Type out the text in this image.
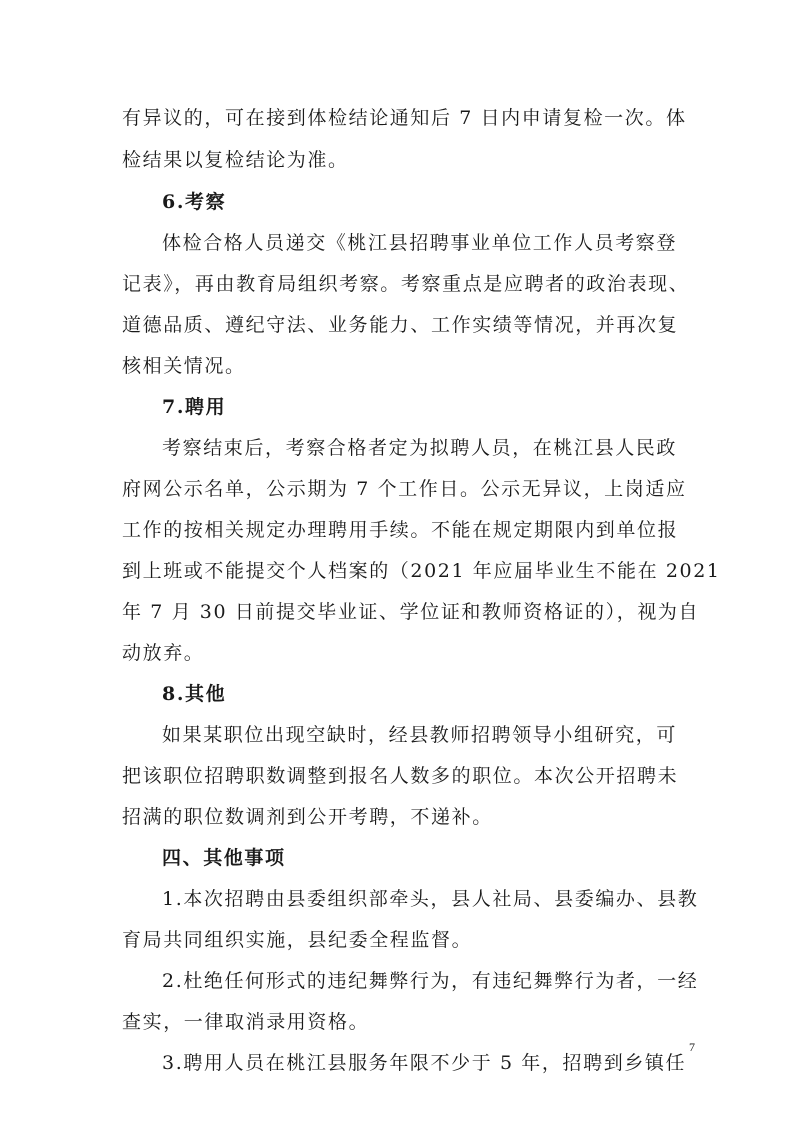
有异议的，可在接到体检结论通知后 7 日内申请复检一次。体
检结果以复检结论为准。
6.考察
体检合格人员递交《桃江县招聘事业单位工作人员考察登
记表》，再由教育局组织考察。考察重点是应聘者的政治表现、
道德品质、遵纪守法、业务能力、工作实绩等情况，并再次复
核相关情况。
7.聘用
考察结束后，考察合格者定为拟聘人员，在桃江县人民政
府网公示名单，公示期为 7 个工作日。公示无异议，上岗适应
工作的按相关规定办理聘用手续。不能在规定期限内到单位报
到上班或不能提交个人档案的（2021 年应届毕业生不能在 2021
年 7 月 30 日前提交毕业证、学位证和教师资格证的），视为自
动放弃。
8.其他
如果某职位出现空缺时，经县教师招聘领导小组研究，可
把该职位招聘职数调整到报名人数多的职位。本次公开招聘未
招满的职位数调剂到公开考聘，不递补。
四、其他事项
1.本次招聘由县委组织部牵头，县人社局、县委编办、县教
育局共同组织实施，县纪委全程监督。
2.杜绝任何形式的违纪舞弊行为，有违纪舞弊行为者，一经
查实，一律取消录用资格。
3.聘用人员在桃江县服务年限不少于 5 年，招聘到乡镇任
7
